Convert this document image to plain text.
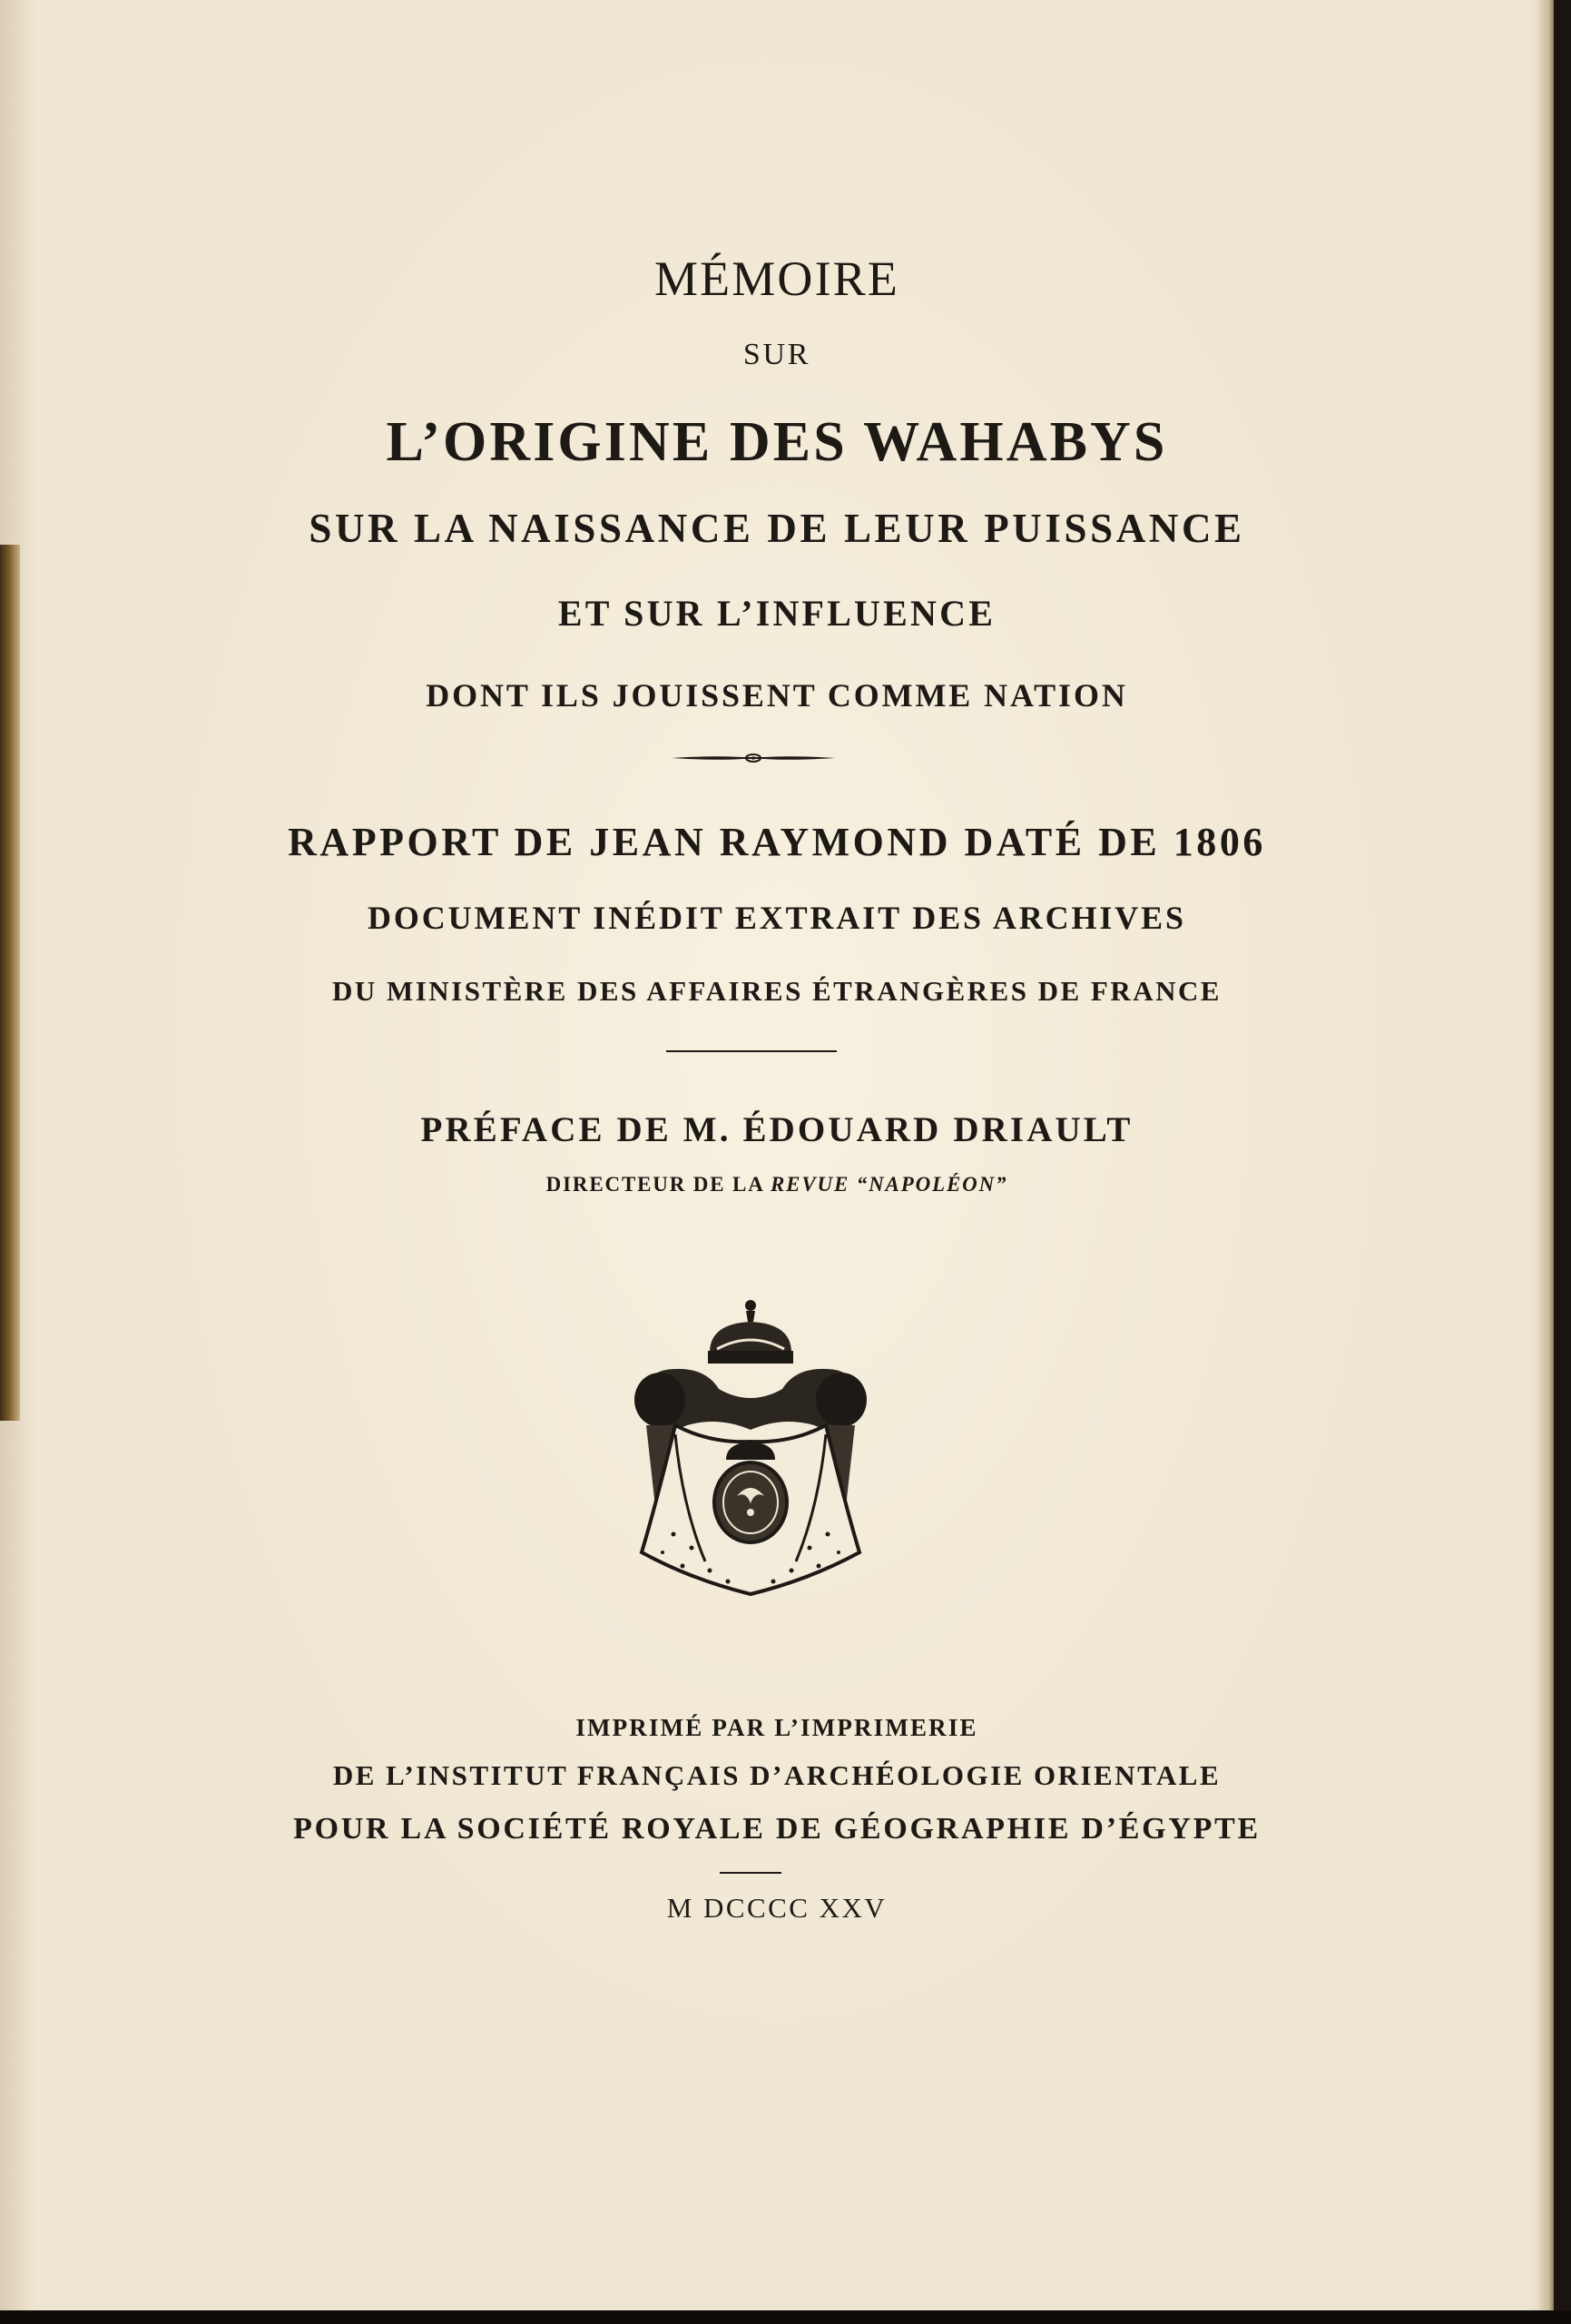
MÉMOIRE
SUR
L’ORIGINE DES WAHABYS
SUR LA NAISSANCE DE LEUR PUISSANCE
ET SUR L’INFLUENCE
DONT ILS JOUISSENT COMME NATION
RAPPORT DE JEAN RAYMOND DATÉ DE 1806
DOCUMENT INÉDIT EXTRAIT DES ARCHIVES
DU MINISTÈRE DES AFFAIRES ÉTRANGÈRES DE FRANCE
PRÉFACE DE M. ÉDOUARD DRIAULT
DIRECTEUR DE LA REVUE “NAPOLÉON”
IMPRIMÉ PAR L’IMPRIMERIE
DE L’INSTITUT FRANÇAIS D’ARCHÉOLOGIE ORIENTALE
POUR LA SOCIÉTÉ ROYALE DE GÉOGRAPHIE D’ÉGYPTE
M DCCCC XXV
